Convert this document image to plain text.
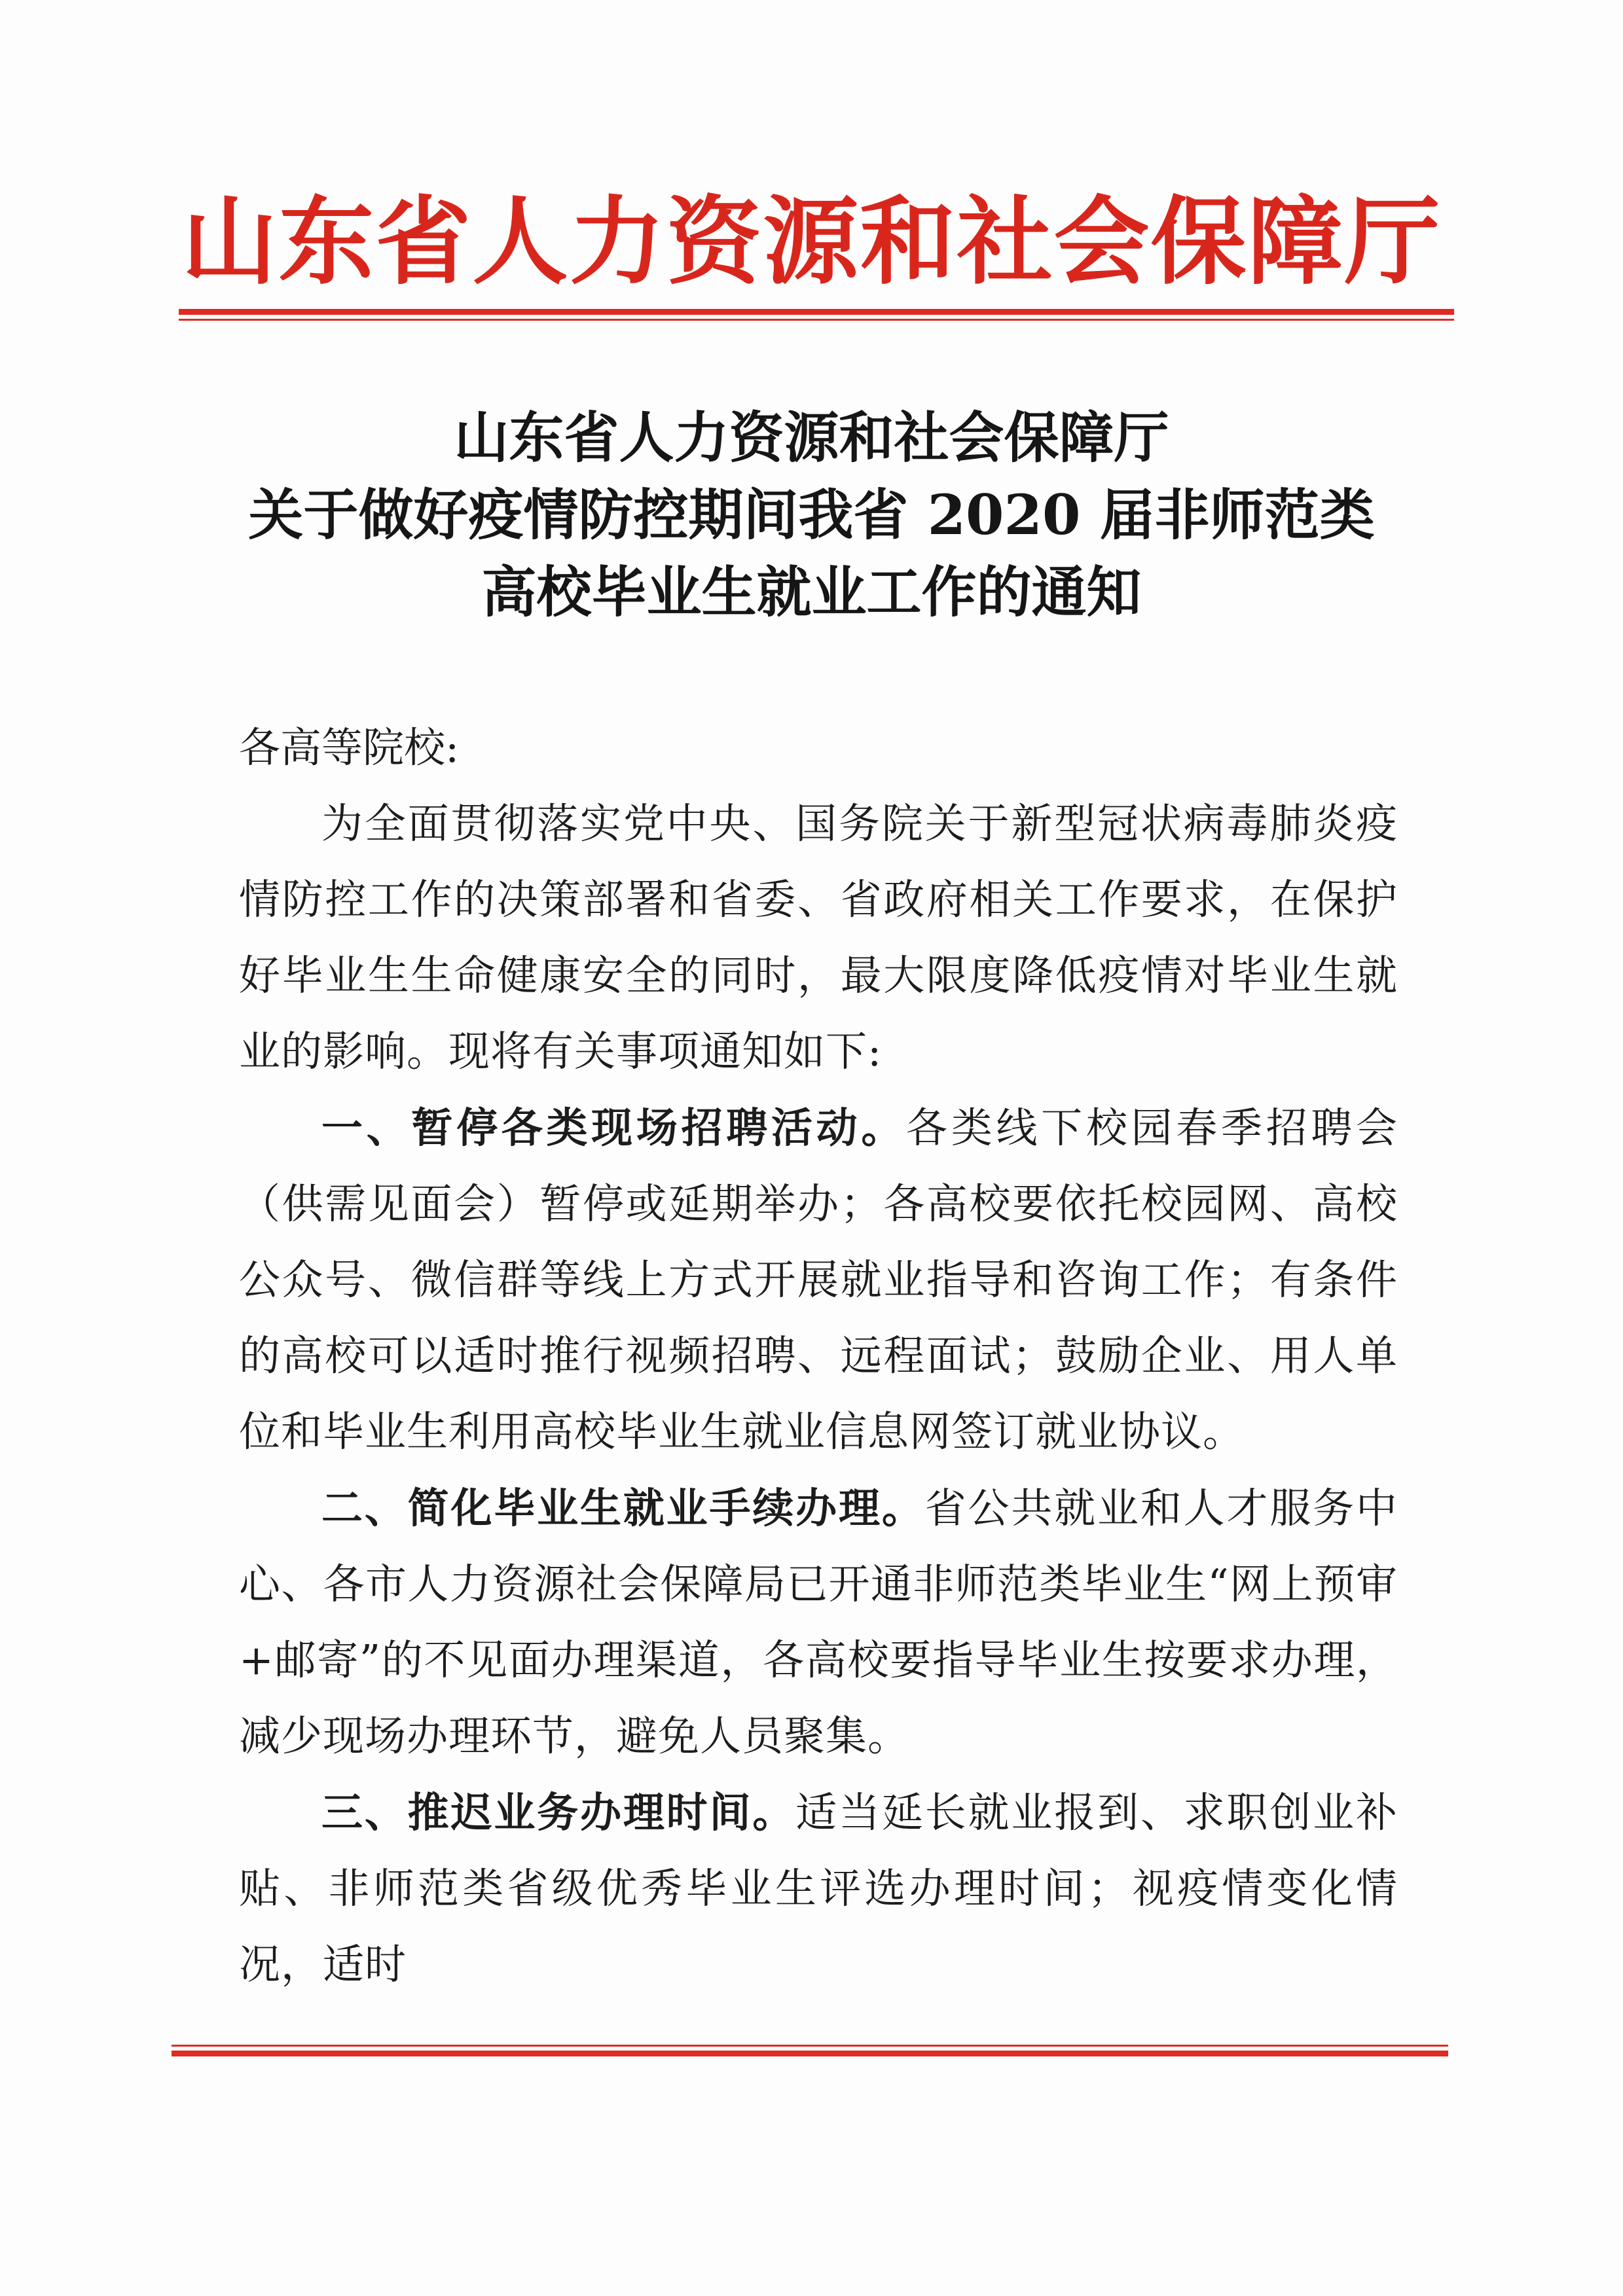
山东省人力资源和社会保障厅
山东省人力资源和社会保障厅
关于做好疫情防控期间我省 2020 届非师范类
高校毕业生就业工作的通知

各高等院校:

为全面贯彻落实党中央、国务院关于新型冠状病毒肺炎疫情防控工作的决策部署和省委、省政府相关工作要求，在保护好毕业生生命健康安全的同时，最大限度降低疫情对毕业生就业的影响。现将有关事项通知如下:

一、暂停各类现场招聘活动。各类线下校园春季招聘会（供需见面会）暂停或延期举办；各高校要依托校园网、高校公众号、微信群等线上方式开展就业指导和咨询工作；有条件的高校可以适时推行视频招聘、远程面试；鼓励企业、用人单位和毕业生利用高校毕业生就业信息网签订就业协议。

二、简化毕业生就业手续办理。省公共就业和人才服务中心、各市人力资源社会保障局已开通非师范类毕业生“网上预审+邮寄”的不见面办理渠道，各高校要指导毕业生按要求办理，减少现场办理环节，避免人员聚集。

三、推迟业务办理时间。适当延长就业报到、求职创业补贴、非师范类省级优秀毕业生评选办理时间；视疫情变化情况，适时
